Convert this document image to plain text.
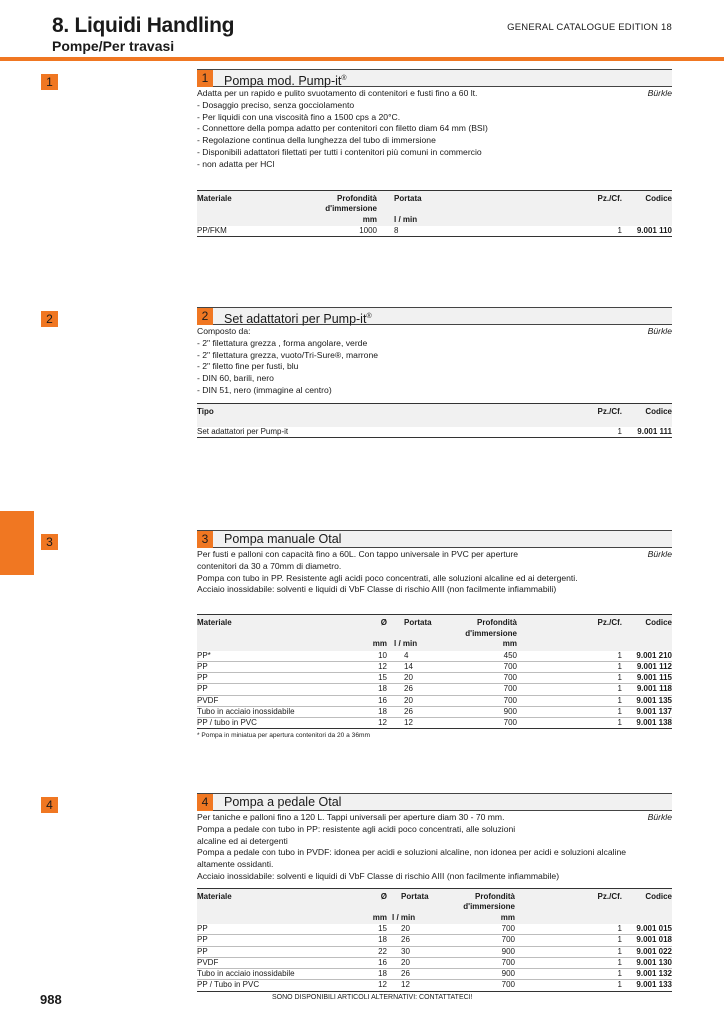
8. Liquidi Handling
Pompe/Per travasi
GENERAL CATALOGUE EDITION 18
1
2
3
4
1	Pompa mod. Pump-it®
Bürkle

Adatta per un rapido e pulito svuotamento di contenitori e fusti fino a 60 lt.

- Dosaggio preciso, senza gocciolamento

- Per liquidi con una viscosità fino a 1500 cps a 20°C.

- Connettore della pompa adatto per contenitori con filetto diam 64 mm (BSI)

- Regolazione continua della lunghezza del tubo di immersione

- Disponibili adattatori filettati per tutti i contenitori più comuni in commercio

- non adatta per HCl

Materiale	Profondità d'immersione	Portata	Pz./Cf.	Codice
	mm	l / min		
PP/FKM	1000	8	1	9.001 110
2	Set adattatori per Pump-it®
Bürkle

Composto da:

- 2" filettatura grezza , forma angolare, verde

- 2" filettatura grezza, vuoto/Tri-Sure®, marrone

- 2" filetto fine per fusti, blu

- DIN 60, barili, nero

- DIN 51, nero (immagine al centro)

Tipo	Pz./Cf.	Codice
Set adattatori per Pump-it	1	9.001 111
3	Pompa manuale Otal
Bürkle

Per fusti e palloni con capacità fino a 60L. Con tappo universale in PVC per aperture

contenitori da 30 a 70mm di diametro.

Pompa con tubo in PP. Resistente agli acidi poco concentrati, alle soluzioni alcaline ed ai detergenti.

Acciaio inossidabile: solventi e liquidi di VbF Classe di rischio AIII (non facilmente infiammabili)

Materiale	Ø	Portata	Profondità d'immersione	Pz./Cf.	Codice
	mm	l / min	mm		
PP*	10	4	450	1	9.001 210
PP	12	14	700	1	9.001 112
PP	15	20	700	1	9.001 115
PP	18	26	700	1	9.001 118
PVDF	16	20	700	1	9.001 135
Tubo in acciaio inossidabile	18	26	900	1	9.001 137
PP / tubo in PVC	12	12	700	1	9.001 138
* Pompa in miniatua per apertura contenitori da 20 a 36mm
4	Pompa a pedale Otal
Bürkle

Per taniche e palloni fino a 120 L. Tappi universali per aperture diam 30 - 70 mm.

Pompa a pedale con tubo in PP: resistente agli acidi poco concentrati, alle soluzioni

alcaline ed ai detergenti

Pompa a pedale con tubo in PVDF: idonea per acidi e soluzioni alcaline, non idonea per acidi e soluzioni alcaline

altamente ossidanti.

Acciaio inossidabile: solventi e liquidi di VbF Classe di rischio AIII (non facilmente infiammabile)

Materiale	Ø	Portata	Profondità d'immersione	Pz./Cf.	Codice
	mm	l / min	mm		
PP	15	20	700	1	9.001 015
PP	18	26	700	1	9.001 018
PP	22	30	900	1	9.001 022
PVDF	16	20	700	1	9.001 130
Tubo in acciaio inossidabile	18	26	900	1	9.001 132
PP / Tubo in PVC	12	12	700	1	9.001 133
988	SONO DISPONIBILI ARTICOLI ALTERNATIVI: CONTATTATECI!
